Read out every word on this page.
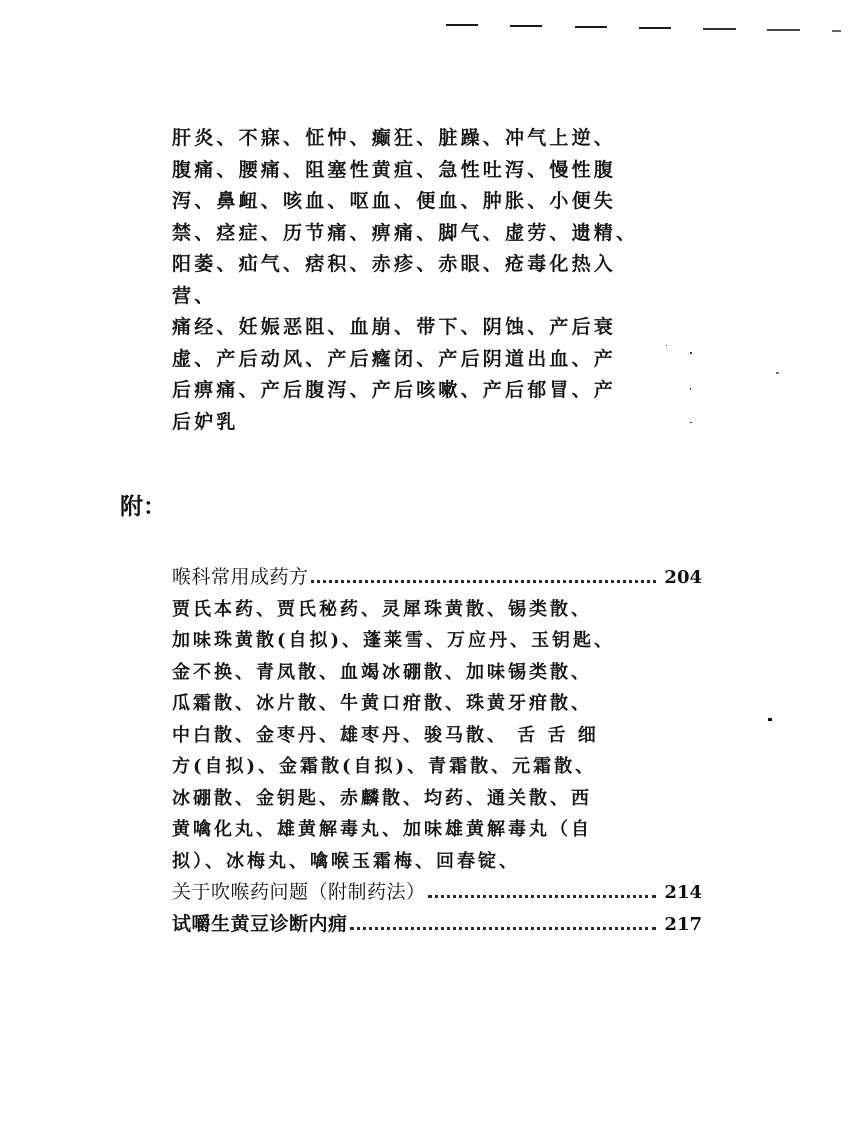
肝炎、不寐、怔忡、癫狂、脏躁、冲气上逆、
腹痛、腰痛、阻塞性黄疸、急性吐泻、慢性腹
泻、鼻衄、咳血、呕血、便血、肿胀、小便失
禁、痉症、历节痛、痹痛、脚气、虚劳、遗精、
阳萎、疝气、痞积、赤疹、赤眼、疮毒化热入
营、
痛经、妊娠恶阻、血崩、带下、阴蚀、产后衰
虚、产后动风、产后癃闭、产后阴道出血、产
后痹痛、产后腹泻、产后咳嗽、产后郁冒、产
后妒乳
附：
喉科常用成药方	204
贾氏本药、贾氏秘药、灵犀珠黄散、锡类散、
加味珠黄散(自拟)、蓬莱雪、万应丹、玉钥匙、
金不换、青凤散、血竭冰硼散、加味锡类散、
瓜霜散、冰片散、牛黄口疳散、珠黄牙疳散、
中白散、金枣丹、雄枣丹、骏马散、 舌 舌 细
方(自拟)、金霜散(自拟)、青霜散、元霜散、
冰硼散、金钥匙、赤麟散、均药、通关散、西
黄噙化丸、雄黄解毒丸、加味雄黄解毒丸（自
拟）、冰梅丸、噙喉玉霜梅、回春锭、
关于吹喉药问题（附制药法）	214
试嚼生黄豆诊断内痈	217
